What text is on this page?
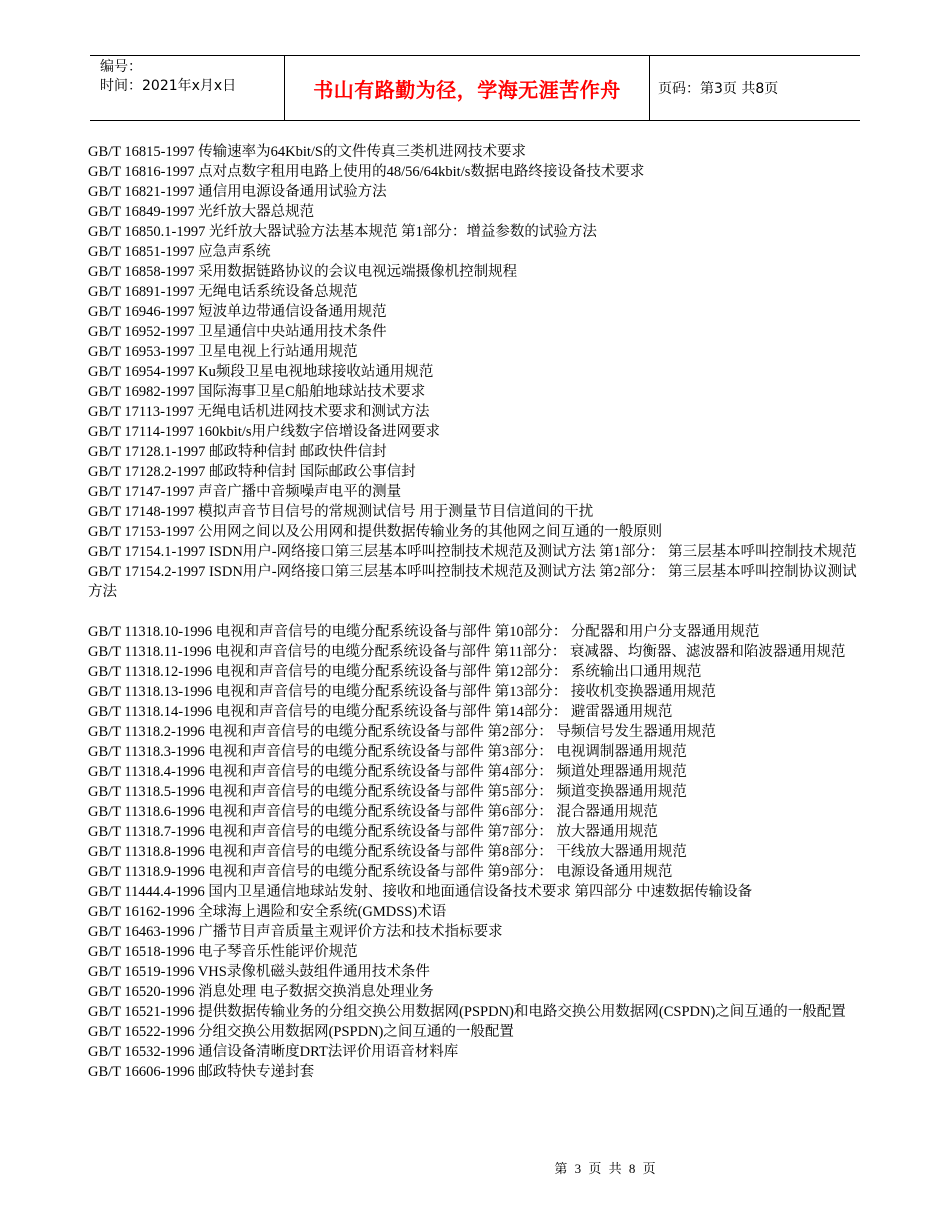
编号：
时间：2021年x月x日	书山有路勤为径，学海无涯苦作舟	页码：第3页 共8页
GB/T 16815-1997 传输速率为64Kbit/S的文件传真三类机进网技术要求
GB/T 16816-1997 点对点数字租用电路上使用的48/56/64kbit/s数据电路终接设备技术要求
GB/T 16821-1997 通信用电源设备通用试验方法
GB/T 16849-1997 光纤放大器总规范
GB/T 16850.1-1997 光纤放大器试验方法基本规范 第1部分：增益参数的试验方法
GB/T 16851-1997 应急声系统
GB/T 16858-1997 采用数据链路协议的会议电视远端摄像机控制规程
GB/T 16891-1997 无绳电话系统设备总规范
GB/T 16946-1997 短波单边带通信设备通用规范
GB/T 16952-1997 卫星通信中央站通用技术条件
GB/T 16953-1997 卫星电视上行站通用规范
GB/T 16954-1997 Ku频段卫星电视地球接收站通用规范
GB/T 16982-1997 国际海事卫星C船舶地球站技术要求
GB/T 17113-1997 无绳电话机进网技术要求和测试方法
GB/T 17114-1997 160kbit/s用户线数字倍增设备进网要求
GB/T 17128.1-1997 邮政特种信封 邮政快件信封
GB/T 17128.2-1997 邮政特种信封 国际邮政公事信封
GB/T 17147-1997 声音广播中音频噪声电平的测量
GB/T 17148-1997 模拟声音节目信号的常规测试信号 用于测量节目信道间的干扰
GB/T 17153-1997 公用网之间以及公用网和提供数据传输业务的其他网之间互通的一般原则
GB/T 17154.1-1997 ISDN用户-网络接口第三层基本呼叫控制技术规范及测试方法 第1部分： 第三层基本呼叫控制技术规范
GB/T 17154.2-1997 ISDN用户-网络接口第三层基本呼叫控制技术规范及测试方法 第2部分： 第三层基本呼叫控制协议测试方法
GB/T 11318.10-1996 电视和声音信号的电缆分配系统设备与部件 第10部分： 分配器和用户分支器通用规范
GB/T 11318.11-1996 电视和声音信号的电缆分配系统设备与部件 第11部分： 衰减器、均衡器、滤波器和陷波器通用规范
GB/T 11318.12-1996 电视和声音信号的电缆分配系统设备与部件 第12部分： 系统输出口通用规范
GB/T 11318.13-1996 电视和声音信号的电缆分配系统设备与部件 第13部分： 接收机变换器通用规范
GB/T 11318.14-1996 电视和声音信号的电缆分配系统设备与部件 第14部分： 避雷器通用规范
GB/T 11318.2-1996 电视和声音信号的电缆分配系统设备与部件 第2部分： 导频信号发生器通用规范
GB/T 11318.3-1996 电视和声音信号的电缆分配系统设备与部件 第3部分： 电视调制器通用规范
GB/T 11318.4-1996 电视和声音信号的电缆分配系统设备与部件 第4部分： 频道处理器通用规范
GB/T 11318.5-1996 电视和声音信号的电缆分配系统设备与部件 第5部分： 频道变换器通用规范
GB/T 11318.6-1996 电视和声音信号的电缆分配系统设备与部件 第6部分： 混合器通用规范
GB/T 11318.7-1996 电视和声音信号的电缆分配系统设备与部件 第7部分： 放大器通用规范
GB/T 11318.8-1996 电视和声音信号的电缆分配系统设备与部件 第8部分： 干线放大器通用规范
GB/T 11318.9-1996 电视和声音信号的电缆分配系统设备与部件 第9部分： 电源设备通用规范
GB/T 11444.4-1996 国内卫星通信地球站发射、接收和地面通信设备技术要求 第四部分 中速数据传输设备
GB/T 16162-1996 全球海上遇险和安全系统(GMDSS)术语
GB/T 16463-1996 广播节目声音质量主观评价方法和技术指标要求
GB/T 16518-1996 电子琴音乐性能评价规范
GB/T 16519-1996 VHS录像机磁头鼓组件通用技术条件
GB/T 16520-1996 消息处理 电子数据交换消息处理业务
GB/T 16521-1996 提供数据传输业务的分组交换公用数据网(PSPDN)和电路交换公用数据网(CSPDN)之间互通的一般配置
GB/T 16522-1996 分组交换公用数据网(PSPDN)之间互通的一般配置
GB/T 16532-1996 通信设备清晰度DRT法评价用语音材料库
GB/T 16606-1996 邮政特快专递封套
第 3 页 共 8 页
